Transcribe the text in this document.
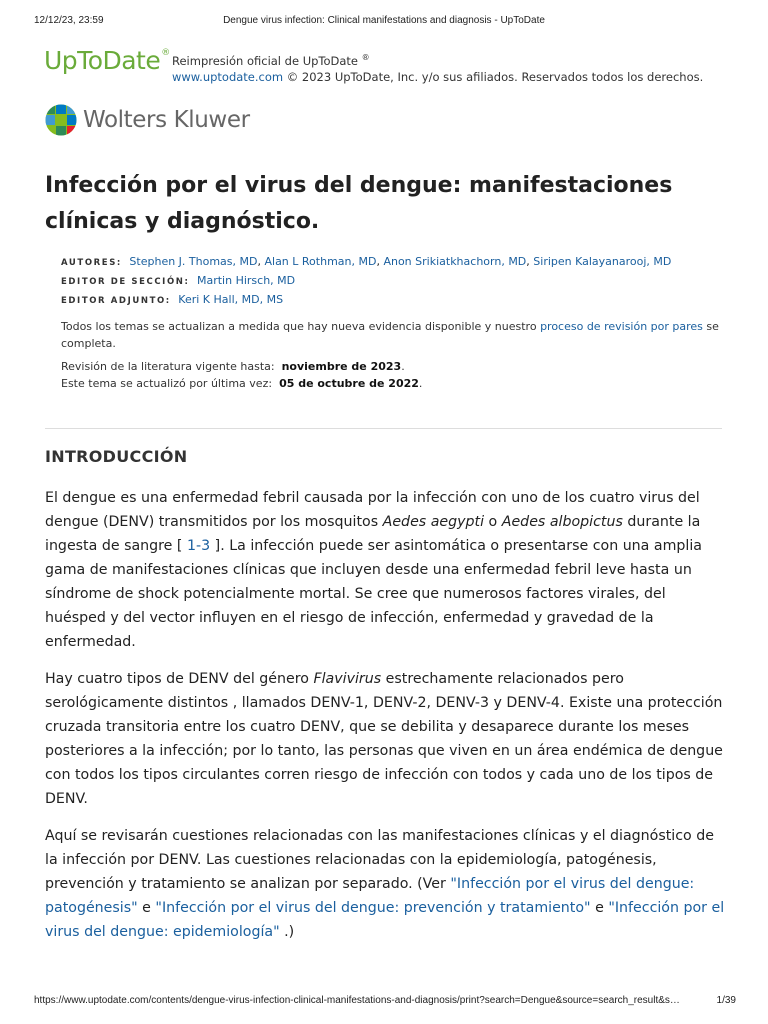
12/12/23, 23:59	Dengue virus infection: Clinical manifestations and diagnosis - UpToDate
UpToDate®
Reimpresión oficial de UpToDate ®
www.uptodate.com © 2023 UpToDate, Inc. y/o sus afiliados. Reservados todos los derechos.
Wolters Kluwer
Infección por el virus del dengue: manifestaciones clínicas y diagnóstico.
AUTORES: Stephen J. Thomas, MD, Alan L Rothman, MD, Anon Srikiatkhachorn, MD, Siripen Kalayanarooj, MD
EDITOR DE SECCIÓN: Martin Hirsch, MD
EDITOR ADJUNTO: Keri K Hall, MD, MS
Todos los temas se actualizan a medida que hay nueva evidencia disponible y nuestro proceso de revisión por pares se completa.
Revisión de la literatura vigente hasta: noviembre de 2023.
Este tema se actualizó por última vez: 05 de octubre de 2022.
INTRODUCCIÓN

El dengue es una enfermedad febril causada por la infección con uno de los cuatro virus del dengue (DENV) transmitidos por los mosquitos Aedes aegypti o Aedes albopictus durante la ingesta de sangre [ 1-3 ]. La infección puede ser asintomática o presentarse con una amplia gama de manifestaciones clínicas que incluyen desde una enfermedad febril leve hasta un síndrome de shock potencialmente mortal. Se cree que numerosos factores virales, del huésped y del vector influyen en el riesgo de infección, enfermedad y gravedad de la enfermedad.

Hay cuatro tipos de DENV del género Flavivirus estrechamente relacionados pero serológicamente distintos , llamados DENV-1, DENV-2, DENV-3 y DENV-4. Existe una protección cruzada transitoria entre los cuatro DENV, que se debilita y desaparece durante los meses posteriores a la infección; por lo tanto, las personas que viven en un área endémica de dengue con todos los tipos circulantes corren riesgo de infección con todos y cada uno de los tipos de DENV.

Aquí se revisarán cuestiones relacionadas con las manifestaciones clínicas y el diagnóstico de la infección por DENV. Las cuestiones relacionadas con la epidemiología, patogénesis, prevención y tratamiento se analizan por separado. (Ver "Infección por el virus del dengue: patogénesis" e "Infección por el virus del dengue: prevención y tratamiento" e "Infección por el virus del dengue: epidemiología" .)

https://www.uptodate.com/contents/dengue-virus-infection-clinical-manifestations-and-diagnosis/print?search=Dengue&source=search_result&s…	1/39
